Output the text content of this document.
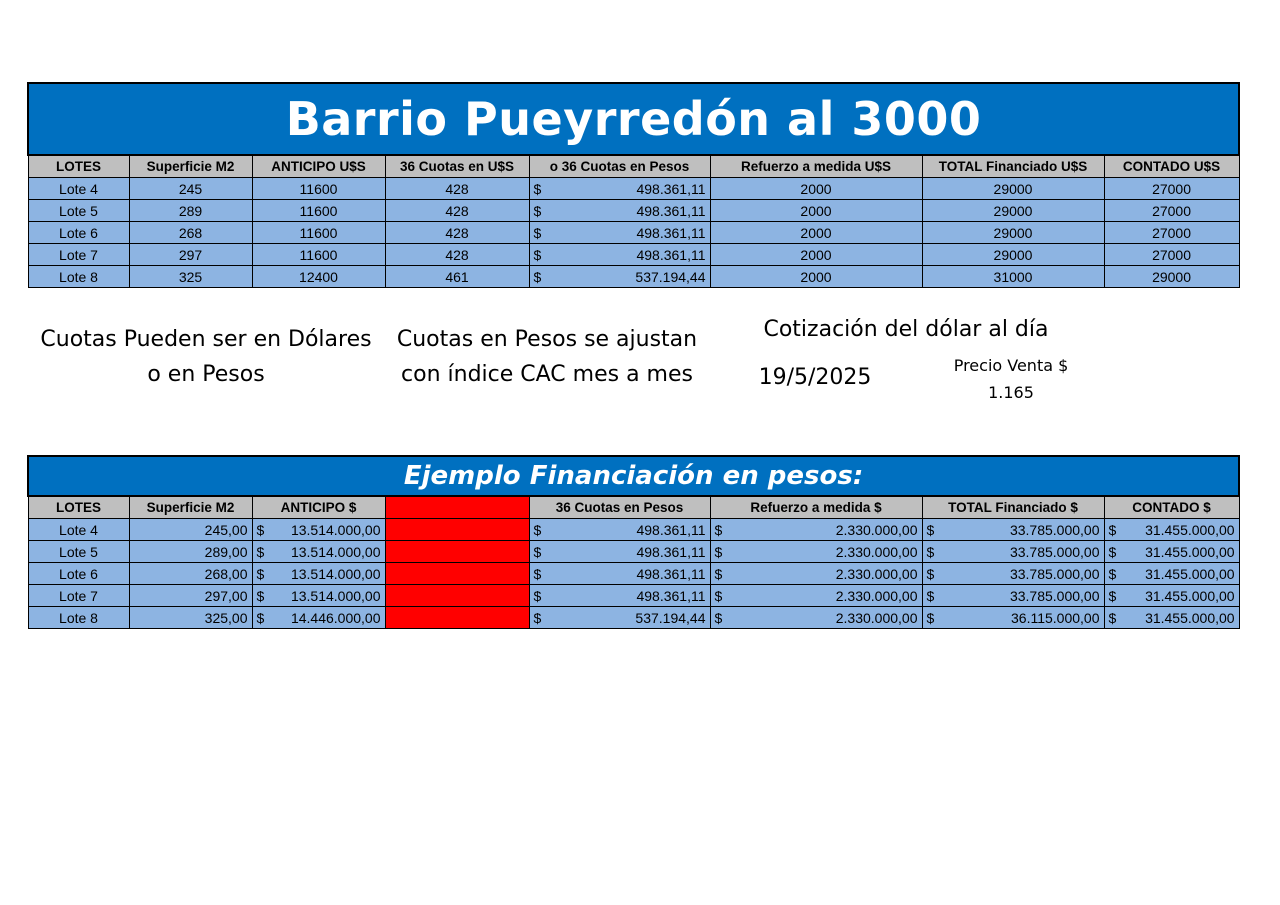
Barrio Pueyrredón al 3000							
LOTES	Superficie M2	ANTICIPO U$S	36 Cuotas en U$S	o 36 Cuotas en Pesos	Refuerzo a medida U$S	TOTAL Financiado U$S	CONTADO U$S
Lote 4	245	11600	428	$ 498.361,11	2000	29000	27000
Lote 5	289	11600	428	$ 498.361,11	2000	29000	27000
Lote 6	268	11600	428	$ 498.361,11	2000	29000	27000
Lote 7	297	11600	428	$ 498.361,11	2000	29000	27000
Lote 8	325	12400	461	$ 537.194,44	2000	31000	29000
Cuotas Pueden ser en Dólares
o en Pesos
Cuotas en Pesos se ajustan
con índice CAC mes a mes
Cotización del dólar al día
19/5/2025	Precio Venta $
1.165
Ejemplo Financiación en pesos:							
LOTES	Superficie M2	ANTICIPO $		36 Cuotas en Pesos	Refuerzo a medida $	TOTAL Financiado $	CONTADO $
Lote 4	245,00	$ 13.514.000,00		$ 498.361,11	$ 2.330.000,00	$ 33.785.000,00	$ 31.455.000,00

Lote 5	289,00	$ 13.514.000,00		$ 498.361,11	$ 2.330.000,00	$ 33.785.000,00	$ 31.455.000,00

Lote 6	268,00	$ 13.514.000,00		$ 498.361,11	$ 2.330.000,00	$ 33.785.000,00	$ 31.455.000,00

Lote 7	297,00	$ 13.514.000,00		$ 498.361,11	$ 2.330.000,00	$ 33.785.000,00	$ 31.455.000,00

Lote 8	325,00	$ 14.446.000,00		$ 537.194,44	$ 2.330.000,00	$ 36.115.000,00	$ 31.455.000,00
